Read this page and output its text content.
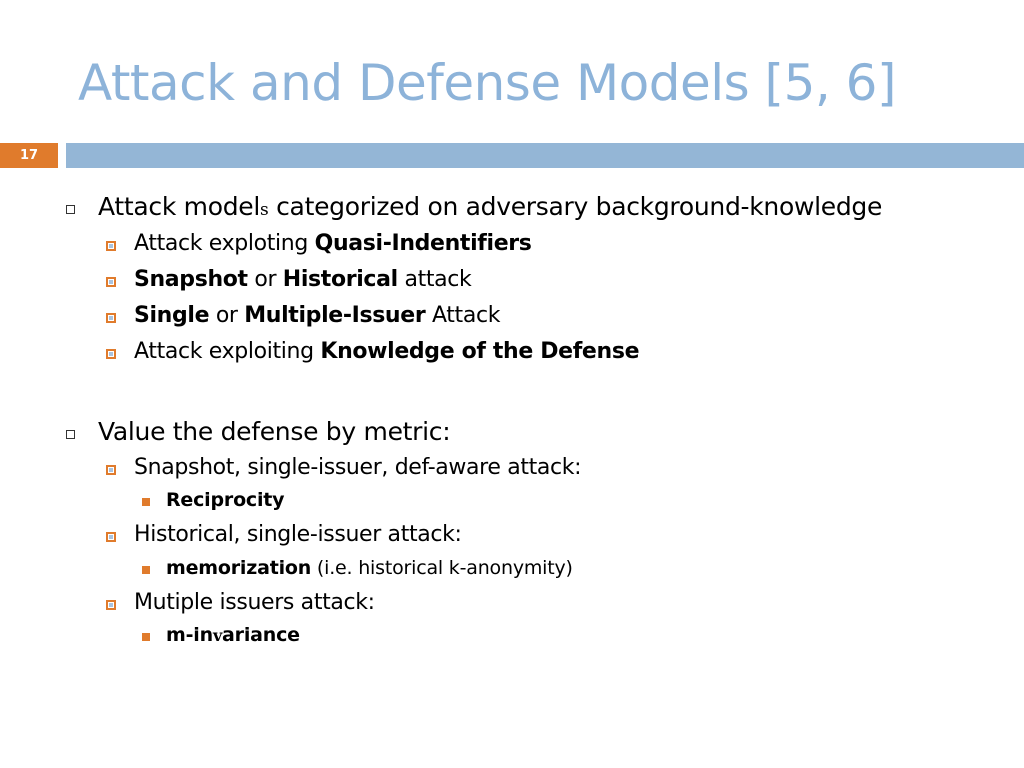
Attack and Defense Models [5, 6]
17
Attack models categorized on adversary background-knowledge
Attack exploting Quasi-Indentifiers
Snapshot or Historical attack
Single or Multiple-Issuer Attack
Attack exploiting Knowledge of the Defense
Value the defense by metric:
Snapshot, single-issuer, def-aware attack:
Reciprocity
Historical, single-issuer attack:
memorization (i.e. historical k-anonymity)
Mutiple issuers attack:
m-invariance
